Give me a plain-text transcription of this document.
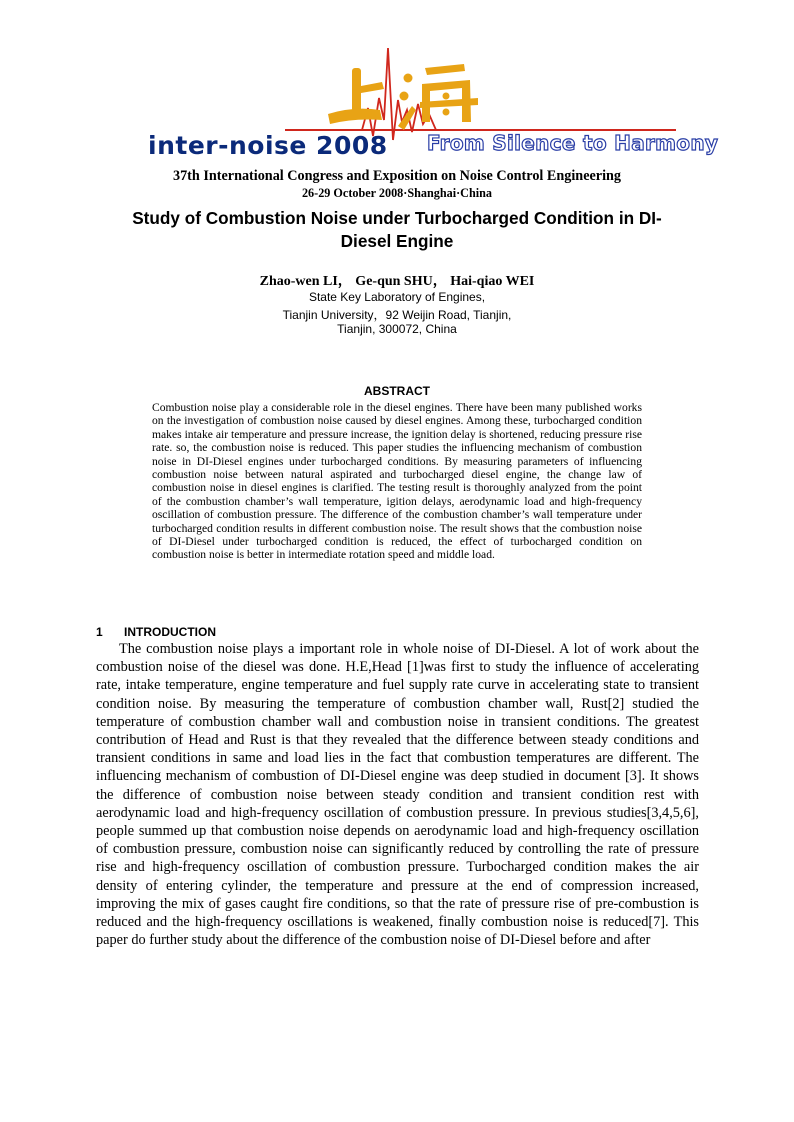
inter-noise 2008 From Silence to Harmony
37th International Congress and Exposition on Noise Control Engineering
26-29 October 2008·Shanghai·China
Study of Combustion Noise under Turbocharged Condition in DI-Diesel Engine
Zhao-wen LI， Ge-qun SHU， Hai-qiao WEI
State Key Laboratory of Engines,
Tianjin University，92 Weijin Road, Tianjin,
Tianjin, 300072, China
ABSTRACT

Combustion noise play a considerable role in the diesel engines. There have been many published works on the investigation of combustion noise caused by diesel engines. Among these, turbocharged condition makes intake air temperature and pressure increase, the ignition delay is shortened, reducing pressure rise rate. so, the combustion noise is reduced. This paper studies the influencing mechanism of combustion noise in DI-Diesel engines under turbocharged conditions. By measuring parameters of influencing combustion noise between natural aspirated and turbocharged diesel engine, the change law of combustion noise in diesel engines is clarified. The testing result is thoroughly analyzed from the point of the combustion chamber’s wall temperature, igition delays, aerodynamic load and high-frequency oscillation of combustion pressure. The difference of the combustion chamber’s wall temperature under turbocharged condition results in different combustion noise. The result shows that the combustion noise of DI-Diesel under turbocharged condition is reduced, the effect of turbocharged condition on combustion noise is better in intermediate rotation speed and middle load.

1 INTRODUCTION

The combustion noise plays a important role in whole noise of DI-Diesel. A lot of work about the combustion noise of the diesel was done. H.E,Head [1]was first to study the influence of accelerating rate, intake temperature, engine temperature and fuel supply rate curve in accelerating state to transient condition noise. By measuring the temperature of combustion chamber wall, Rust[2] studied the temperature of combustion chamber wall and combustion noise in transient conditions. The greatest contribution of Head and Rust is that they revealed that the difference between steady conditions and transient conditions in same and load lies in the fact that combustion temperatures are different. The influencing mechanism of combustion of DI-Diesel engine was deep studied in document [3]. It shows the difference of combustion noise between steady condition and transient condition rest with aerodynamic load and high-frequency oscillation of combustion pressure. In previous studies[3,4,5,6], people summed up that combustion noise depends on aerodynamic load and high-frequency oscillation of combustion pressure, combustion noise can significantly reduced by controlling the rate of pressure rise and high-frequency oscillation of combustion pressure. Turbocharged condition makes the air density of entering cylinder, the temperature and pressure at the end of compression increased, improving the mix of gases caught fire conditions, so that the rate of pressure rise of pre-combustion is reduced and the high-frequency oscillations is weakened, finally combustion noise is reduced[7]. This paper do further study about the difference of the combustion noise of DI-Diesel before and after
